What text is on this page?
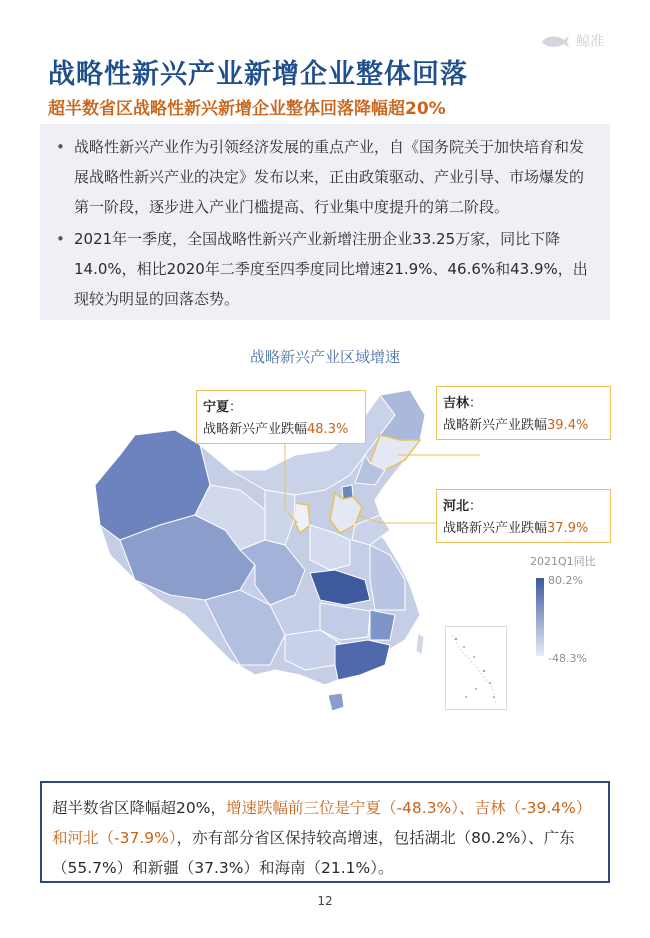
鲸准
战略性新兴产业新增企业整体回落
超半数省区战略性新兴新增企业整体回落降幅超20%
• 战略性新兴产业作为引领经济发展的重点产业，自《国务院关于加快培育和发展战略性新兴产业的决定》发布以来，正由政策驱动、产业引导、市场爆发的第一阶段，逐步进入产业门槛提高、行业集中度提升的第二阶段。
• 2021年一季度，全国战略性新兴产业新增注册企业33.25万家，同比下降14.0%，相比2020年二季度至四季度同比增速21.9%、46.6%和43.9%，出现较为明显的回落态势。
战略新兴产业区域增速
宁夏：
战略新兴产业跌幅48.3%
吉林：
战略新兴产业跌幅39.4%
河北：
战略新兴产业跌幅37.9%
2021Q1同比
80.2%
-48.3%
超半数省区降幅超20%，增速跌幅前三位是宁夏（-48.3%）、吉林（-39.4%）和河北（-37.9%），亦有部分省区保持较高增速，包括湖北（80.2%）、广东（55.7%）和新疆（37.3%）和海南（21.1%）。
12
